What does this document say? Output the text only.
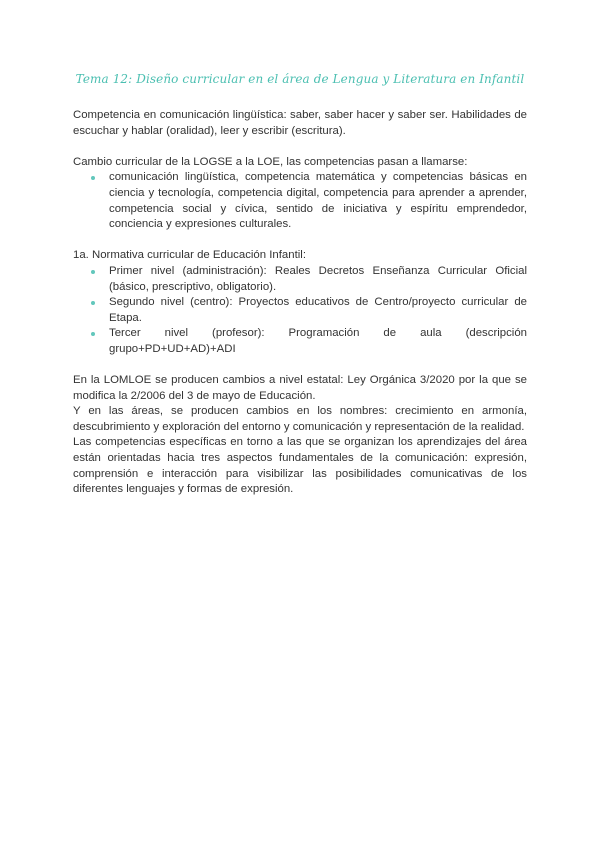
Tema 12: Diseño curricular en el área de Lengua y Literatura en Infantil

Competencia en comunicación lingüística: saber, saber hacer y saber ser. Habilidades de escuchar y hablar (oralidad), leer y escribir (escritura).

Cambio curricular de la LOGSE a la LOE, las competencias pasan a llamarse:

comunicación lingüística, competencia matemática y competencias básicas en ciencia y tecnología, competencia digital, competencia para aprender a aprender, competencia social y cívica, sentido de iniciativa y espíritu emprendedor, conciencia y expresiones culturales.

1a. Normativa curricular de Educación Infantil:

Primer nivel (administración): Reales Decretos Enseñanza Curricular Oficial (básico, prescriptivo, obligatorio).
Segundo nivel (centro): Proyectos educativos de Centro/proyecto curricular de Etapa.
Tercer nivel (profesor): Programación de aula (descripción grupo+PD+UD+AD)+ADI

En la LOMLOE se producen cambios a nivel estatal: Ley Orgánica 3/2020 por la que se modifica la 2/2006 del 3 de mayo de Educación.

Y en las áreas, se producen cambios en los nombres: crecimiento en armonía, descubrimiento y exploración del entorno y comunicación y representación de la realidad.

Las competencias específicas en torno a las que se organizan los aprendizajes del área están orientadas hacia tres aspectos fundamentales de la comunicación: expresión, comprensión e interacción para visibilizar las posibilidades comunicativas de los diferentes lenguajes y formas de expresión.
